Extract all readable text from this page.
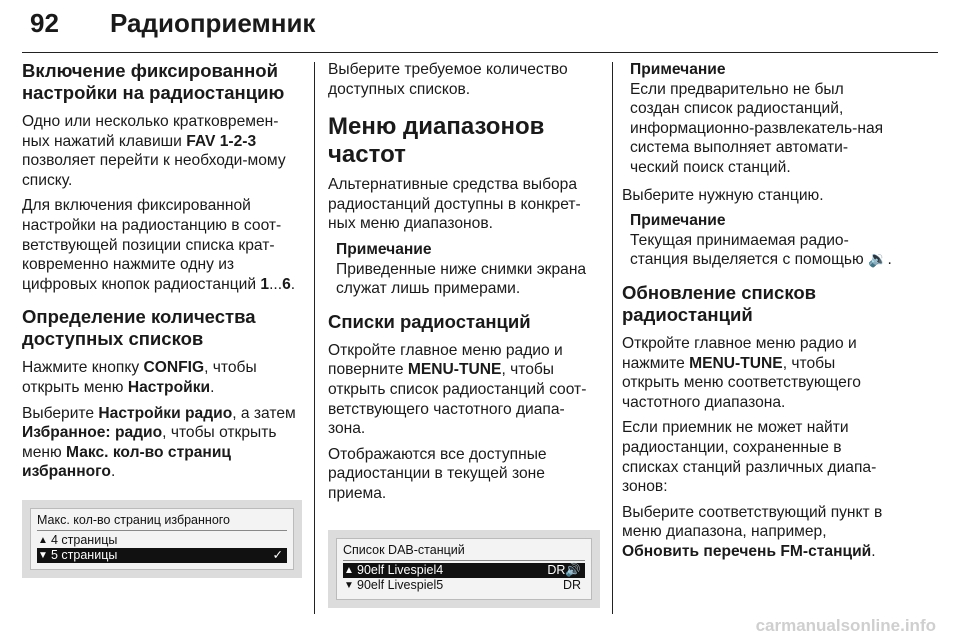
92 Радиоприемник
Включение фиксированной настройки на радиостанцию

Одно или несколько кратковремен-ных нажатий клавиши FAV 1-2-3 позволяет перейти к необходи-мому списку.

Для включения фиксированной настройки на радиостанцию в соот-ветствующей позиции списка крат-ковременно нажмите одну из цифровых кнопок радиостанций 1...6.

Определение количества доступных списков

Нажмите кнопку CONFIG, чтобы открыть меню Настройки.

Выберите Настройки радио, а затем Избранное: радио, чтобы открыть меню Макс. кол-во страниц избранного.

Макс. кол-во страниц избранного
▲ 4 страницы
▼ 5 страницы	✓

Выберите требуемое количество доступных списков.

Меню диапазонов частот

Альтернативные средства выбора радиостанций доступны в конкрет-ных меню диапазонов.

Примечание
Приведенные ниже снимки экрана служат лишь примерами.
Списки радиостанций

Откройте главное меню радио и поверните MENU-TUNE, чтобы открыть список радиостанций соот-ветствующего частотного диапа-зона.

Отображаются все доступные радиостанции в текущей зоне приема.

Список DAB-станций
▲ 90elf Livespiel4	DR🔊
▼ 90elf Livespiel5	DR
Примечание
Если предварительно не был создан список радиостанций, информационно-развлекатель-ная система выполняет автомати-ческий поиск станций.

Выберите нужную станцию.

Примечание
Текущая принимаемая радио-станция выделяется с помощью 🔉.
Обновление списков радиостанций

Откройте главное меню радио и нажмите MENU-TUNE, чтобы открыть меню соответствующего частотного диапазона.

Если приемник не может найти радиостанции, сохраненные в списках станций различных диапа-зонов:

Выберите соответствующий пункт в меню диапазона, например, Обновить перечень FM-станций.

carmanualsonline.info
